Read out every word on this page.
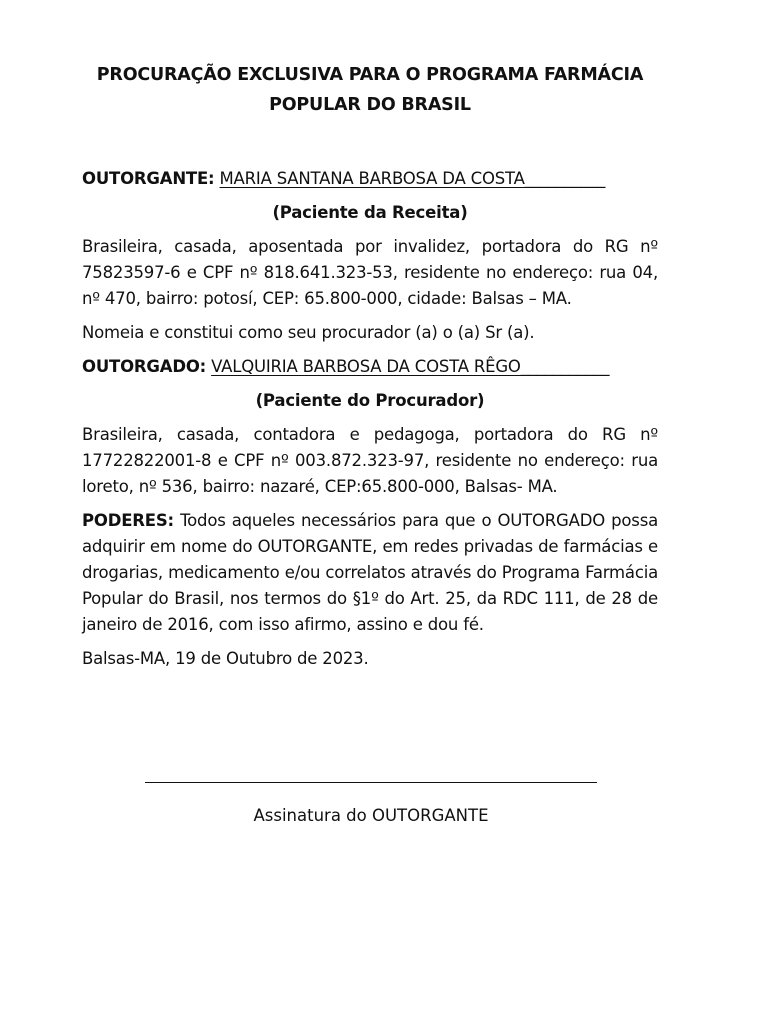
PROCURAÇÃO EXCLUSIVA PARA O PROGRAMA FARMÁCIA POPULAR DO BRASIL

OUTORGANTE: MARIA SANTANA BARBOSA DA COSTA__________

(Paciente da Receita)

Brasileira, casada, aposentada por invalidez, portadora do RG nº 75823597-6 e CPF nº 818.641.323-53, residente no endereço: rua 04, nº 470, bairro: potosí, CEP: 65.800-000, cidade: Balsas – MA.

Nomeia e constitui como seu procurador (a) o (a) Sr (a).

OUTORGADO: VALQUIRIA BARBOSA DA COSTA RÊGO___________

(Paciente do Procurador)

Brasileira, casada, contadora e pedagoga, portadora do RG nº 17722822001-8 e CPF nº 003.872.323-97, residente no endereço: rua loreto, nº 536, bairro: nazaré, CEP:65.800-000, Balsas- MA.

PODERES: Todos aqueles necessários para que o OUTORGADO possa adquirir em nome do OUTORGANTE, em redes privadas de farmácias e drogarias, medicamento e/ou correlatos através do Programa Farmácia Popular do Brasil, nos termos do §1º do Art. 25, da RDC 111, de 28 de janeiro de 2016, com isso afirmo, assino e dou fé.

Balsas-MA, 19 de Outubro de 2023.

Assinatura do OUTORGANTE
